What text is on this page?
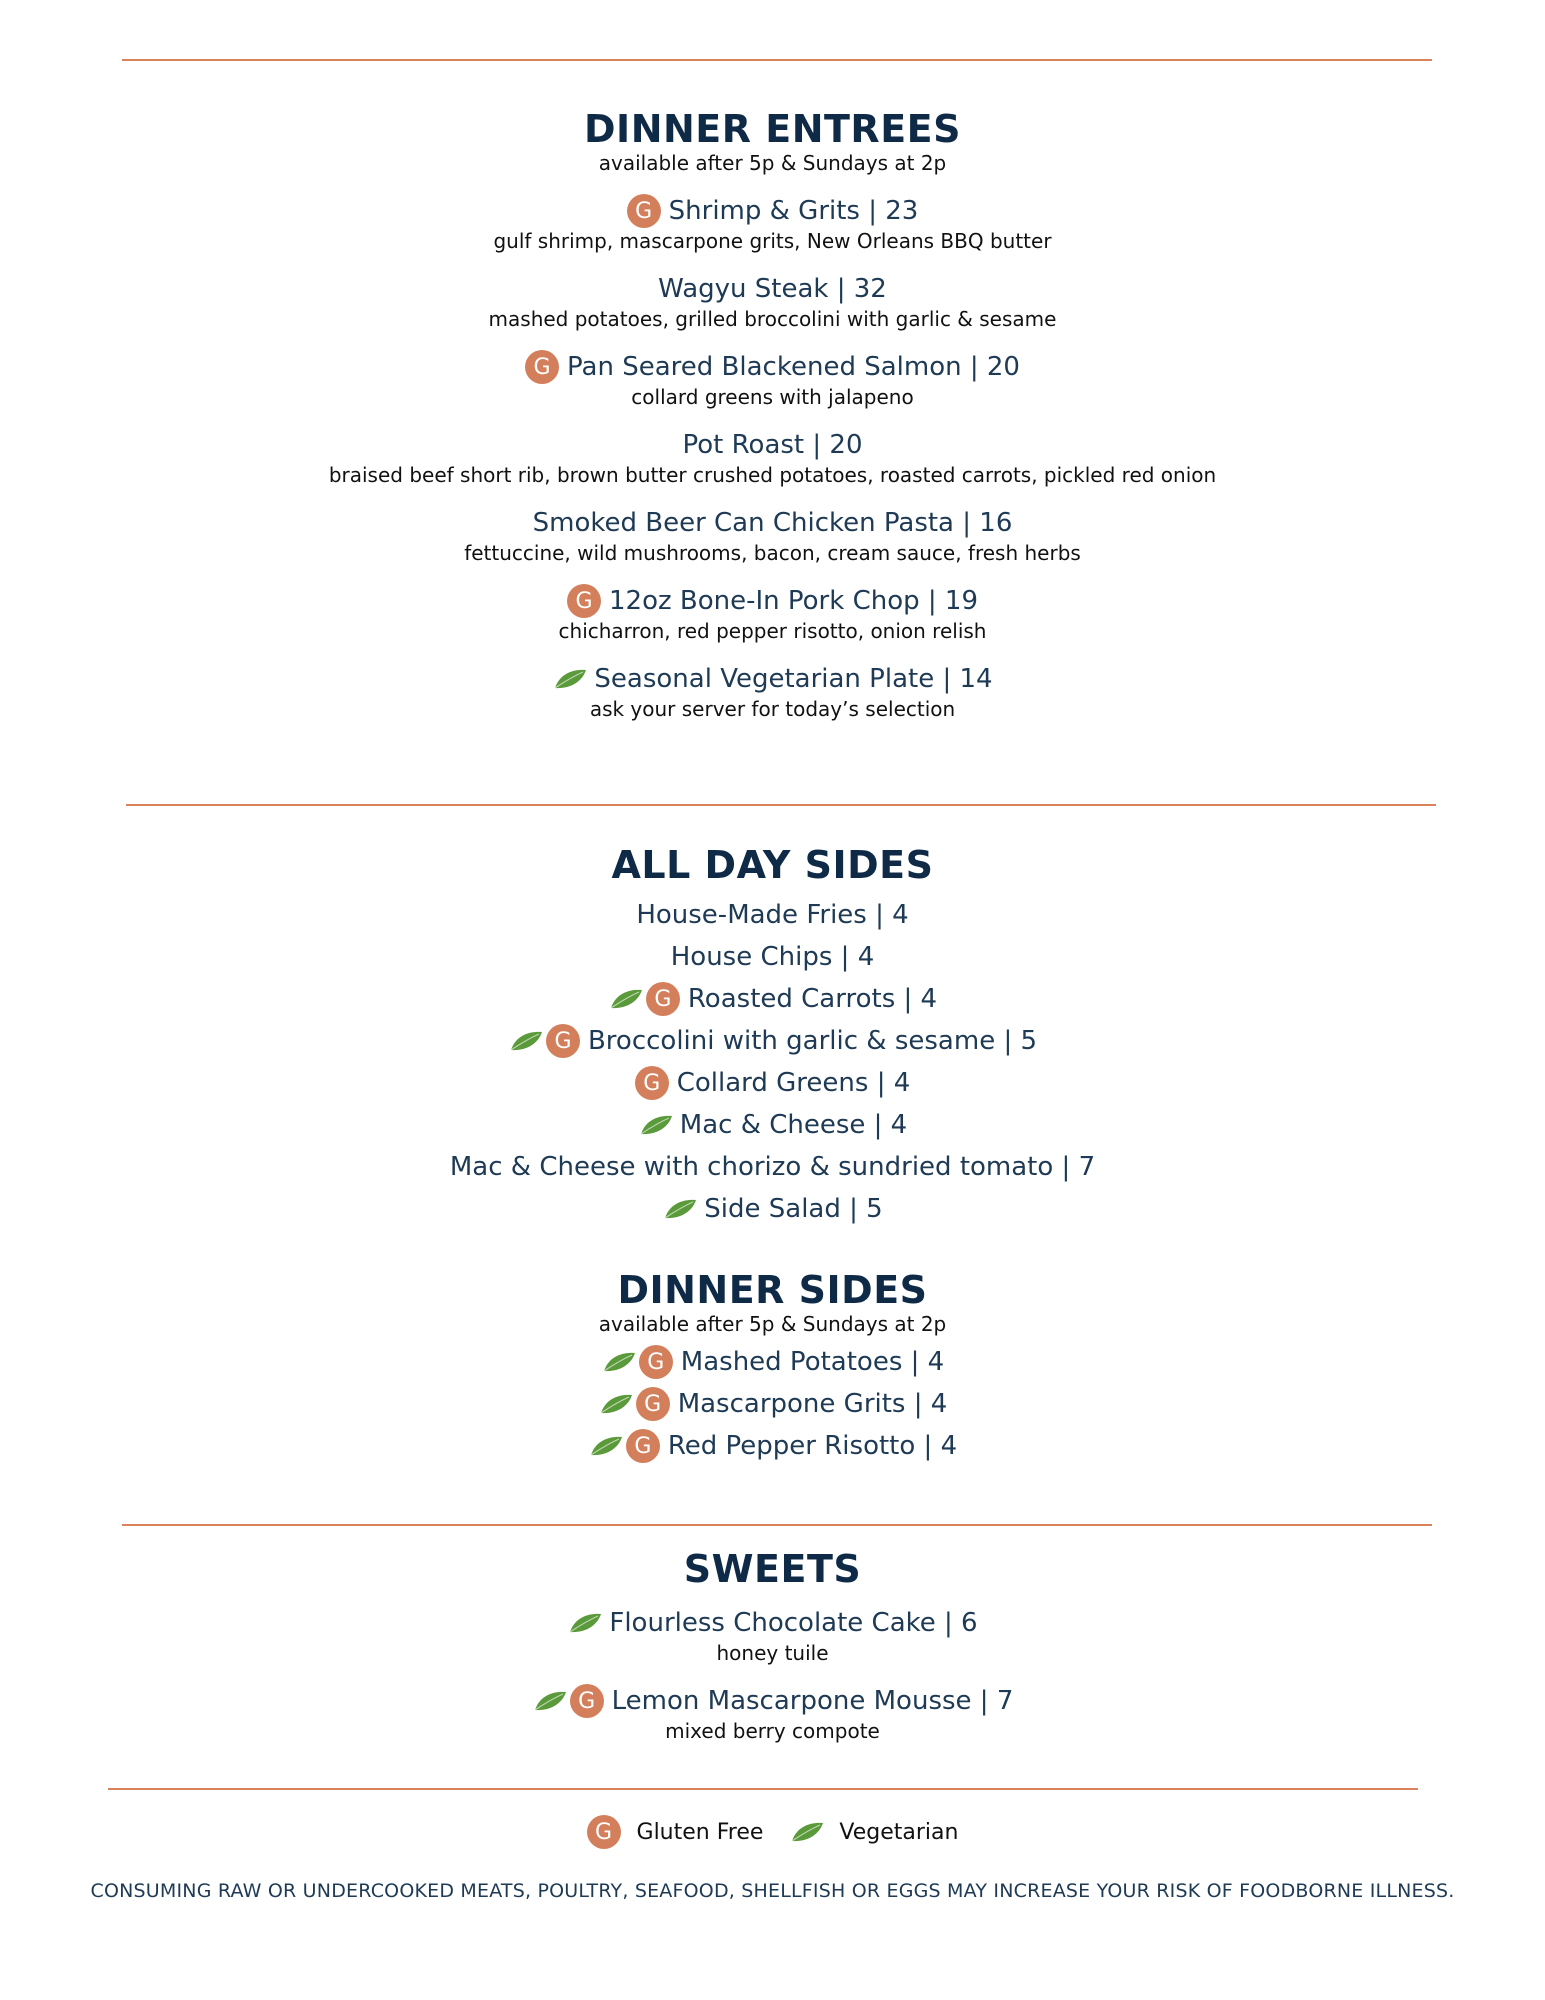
DINNER ENTREES
available after 5p & Sundays at 2p
G Shrimp & Grits | 23
gulf shrimp, mascarpone grits, New Orleans BBQ butter
Wagyu Steak | 32
mashed potatoes, grilled broccolini with garlic & sesame
G Pan Seared Blackened Salmon | 20
collard greens with jalapeno
Pot Roast | 20
braised beef short rib, brown butter crushed potatoes, roasted carrots, pickled red onion
Smoked Beer Can Chicken Pasta | 16
fettuccine, wild mushrooms, bacon, cream sauce, fresh herbs
G 12oz Bone-In Pork Chop | 19
chicharron, red pepper risotto, onion relish
Seasonal Vegetarian Plate | 14
ask your server for today’s selection
ALL DAY SIDES
House-Made Fries | 4
House Chips | 4
G Roasted Carrots | 4
G Broccolini with garlic & sesame | 5
G Collard Greens | 4
Mac & Cheese | 4
Mac & Cheese with chorizo & sundried tomato | 7
Side Salad | 5
DINNER SIDES
available after 5p & Sundays at 2p
G Mashed Potatoes | 4
G Mascarpone Grits | 4
G Red Pepper Risotto | 4
SWEETS
Flourless Chocolate Cake | 6
honey tuile
G Lemon Mascarpone Mousse | 7
mixed berry compote
G	Gluten Free	Vegetarian
CONSUMING RAW OR UNDERCOOKED MEATS, POULTRY, SEAFOOD, SHELLFISH OR EGGS MAY INCREASE YOUR RISK OF FOODBORNE ILLNESS.
